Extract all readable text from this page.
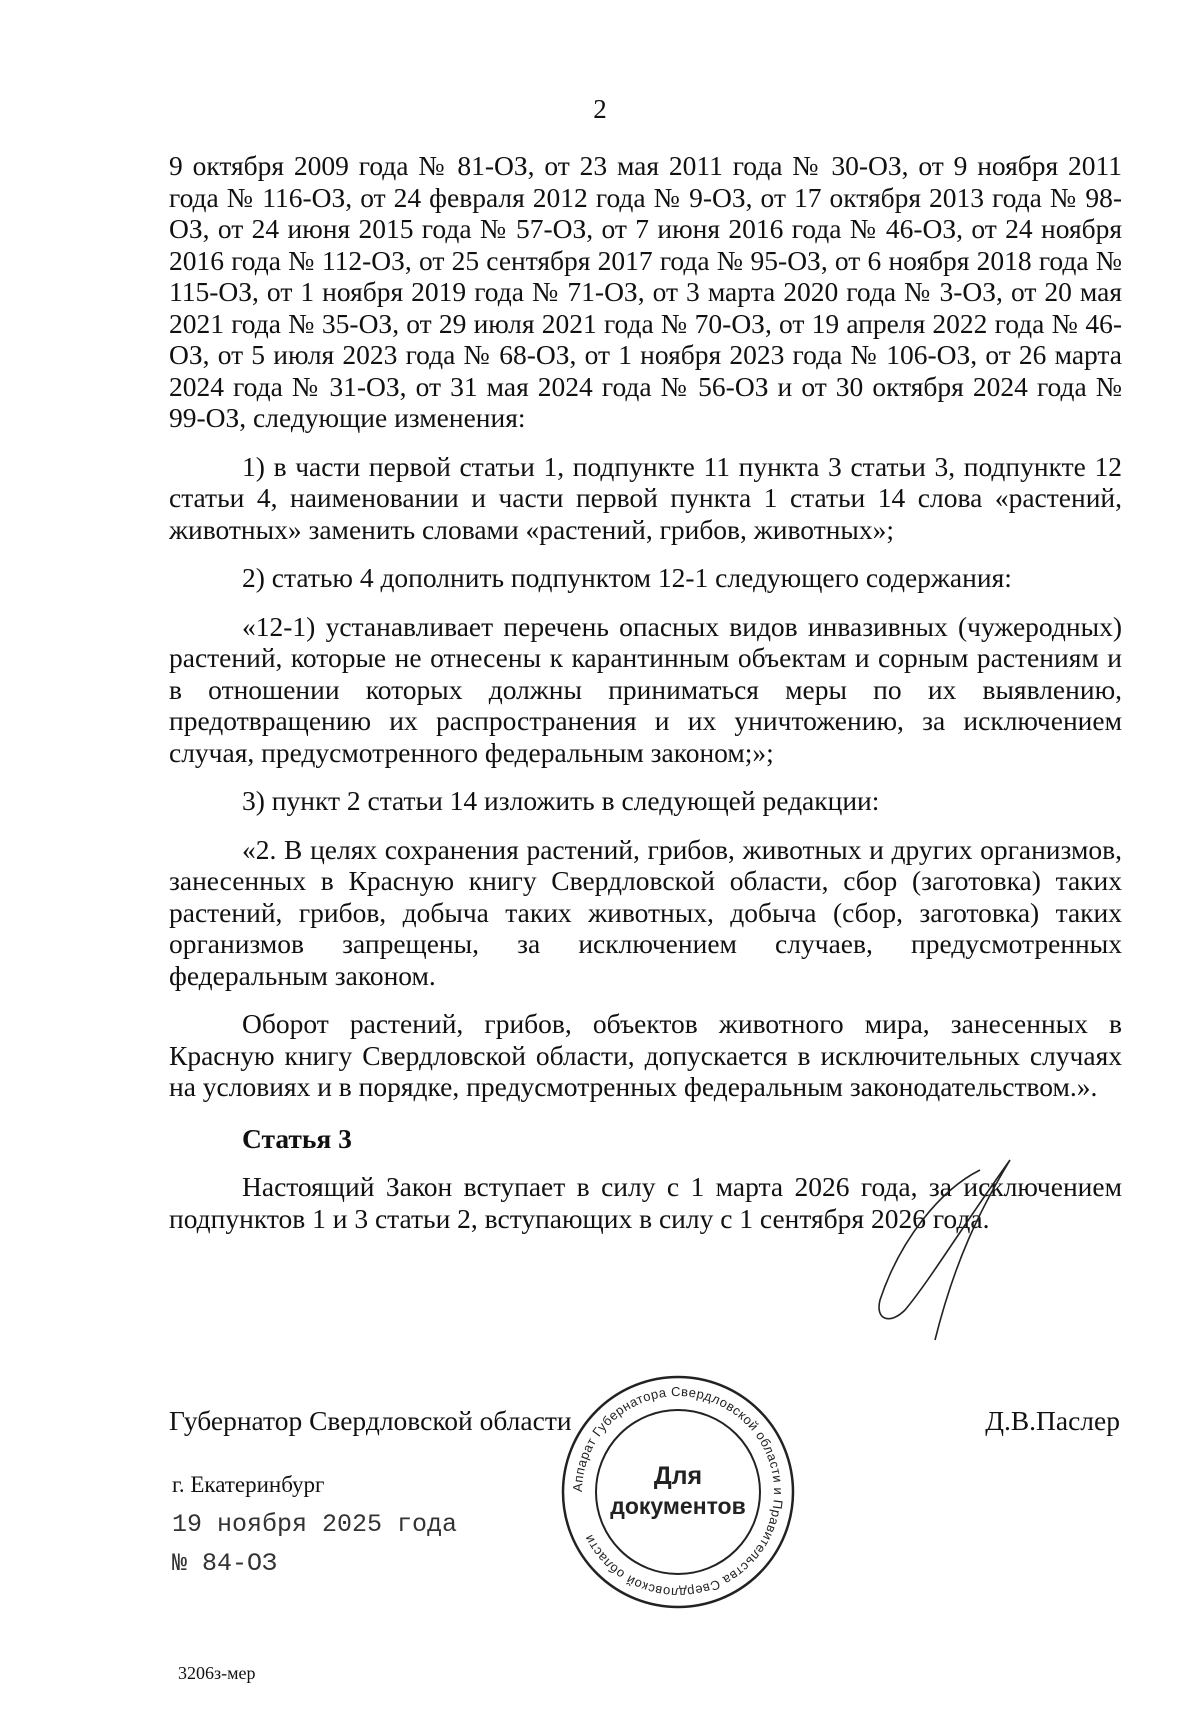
2

9 октября 2009 года № 81-ОЗ, от 23 мая 2011 года № 30-ОЗ, от 9 ноября 2011 года № 116-ОЗ, от 24 февраля 2012 года № 9-ОЗ, от 17 октября 2013 года № 98-ОЗ, от 24 июня 2015 года № 57-ОЗ, от 7 июня 2016 года № 46-ОЗ, от 24 ноября 2016 года № 112-ОЗ, от 25 сентября 2017 года № 95-ОЗ, от 6 ноября 2018 года № 115-ОЗ, от 1 ноября 2019 года № 71-ОЗ, от 3 марта 2020 года № 3-ОЗ, от 20 мая 2021 года № 35-ОЗ, от 29 июля 2021 года № 70-ОЗ, от 19 апреля 2022 года № 46-ОЗ, от 5 июля 2023 года № 68-ОЗ, от 1 ноября 2023 года № 106-ОЗ, от 26 марта 2024 года № 31-ОЗ, от 31 мая 2024 года № 56-ОЗ и от 30 октября 2024 года № 99-ОЗ, следующие изменения:

1) в части первой статьи 1, подпункте 11 пункта 3 статьи 3, подпункте 12 статьи 4, наименовании и части первой пункта 1 статьи 14 слова «растений, животных» заменить словами «растений, грибов, животных»;

2) статью 4 дополнить подпунктом 12-1 следующего содержания:

«12-1) устанавливает перечень опасных видов инвазивных (чужеродных) растений, которые не отнесены к карантинным объектам и сорным растениям и в отношении которых должны приниматься меры по их выявлению, предотвращению их распространения и их уничтожению, за исключением случая, предусмотренного федеральным законом;»;

3) пункт 2 статьи 14 изложить в следующей редакции:

«2. В целях сохранения растений, грибов, животных и других организмов, занесенных в Красную книгу Свердловской области, сбор (заготовка) таких растений, грибов, добыча таких животных, добыча (сбор, заготовка) таких организмов запрещены, за исключением случаев, предусмотренных федеральным законом.

Оборот растений, грибов, объектов животного мира, занесенных в Красную книгу Свердловской области, допускается в исключительных случаях на условиях и в порядке, предусмотренных федеральным законодательством.».

Статья 3

Настоящий Закон вступает в силу с 1 марта 2026 года, за исключением подпунктов 1 и 3 статьи 2, вступающих в силу с 1 сентября 2026 года.

Губернатор Свердловской области	Д.В.Паслер
Аппарат Губернатора Свердловской области и Правительства Свердловской области
Для
документов
г. Екатеринбург
19 ноября 2025 года
№ 84-ОЗ
3206з-мер
